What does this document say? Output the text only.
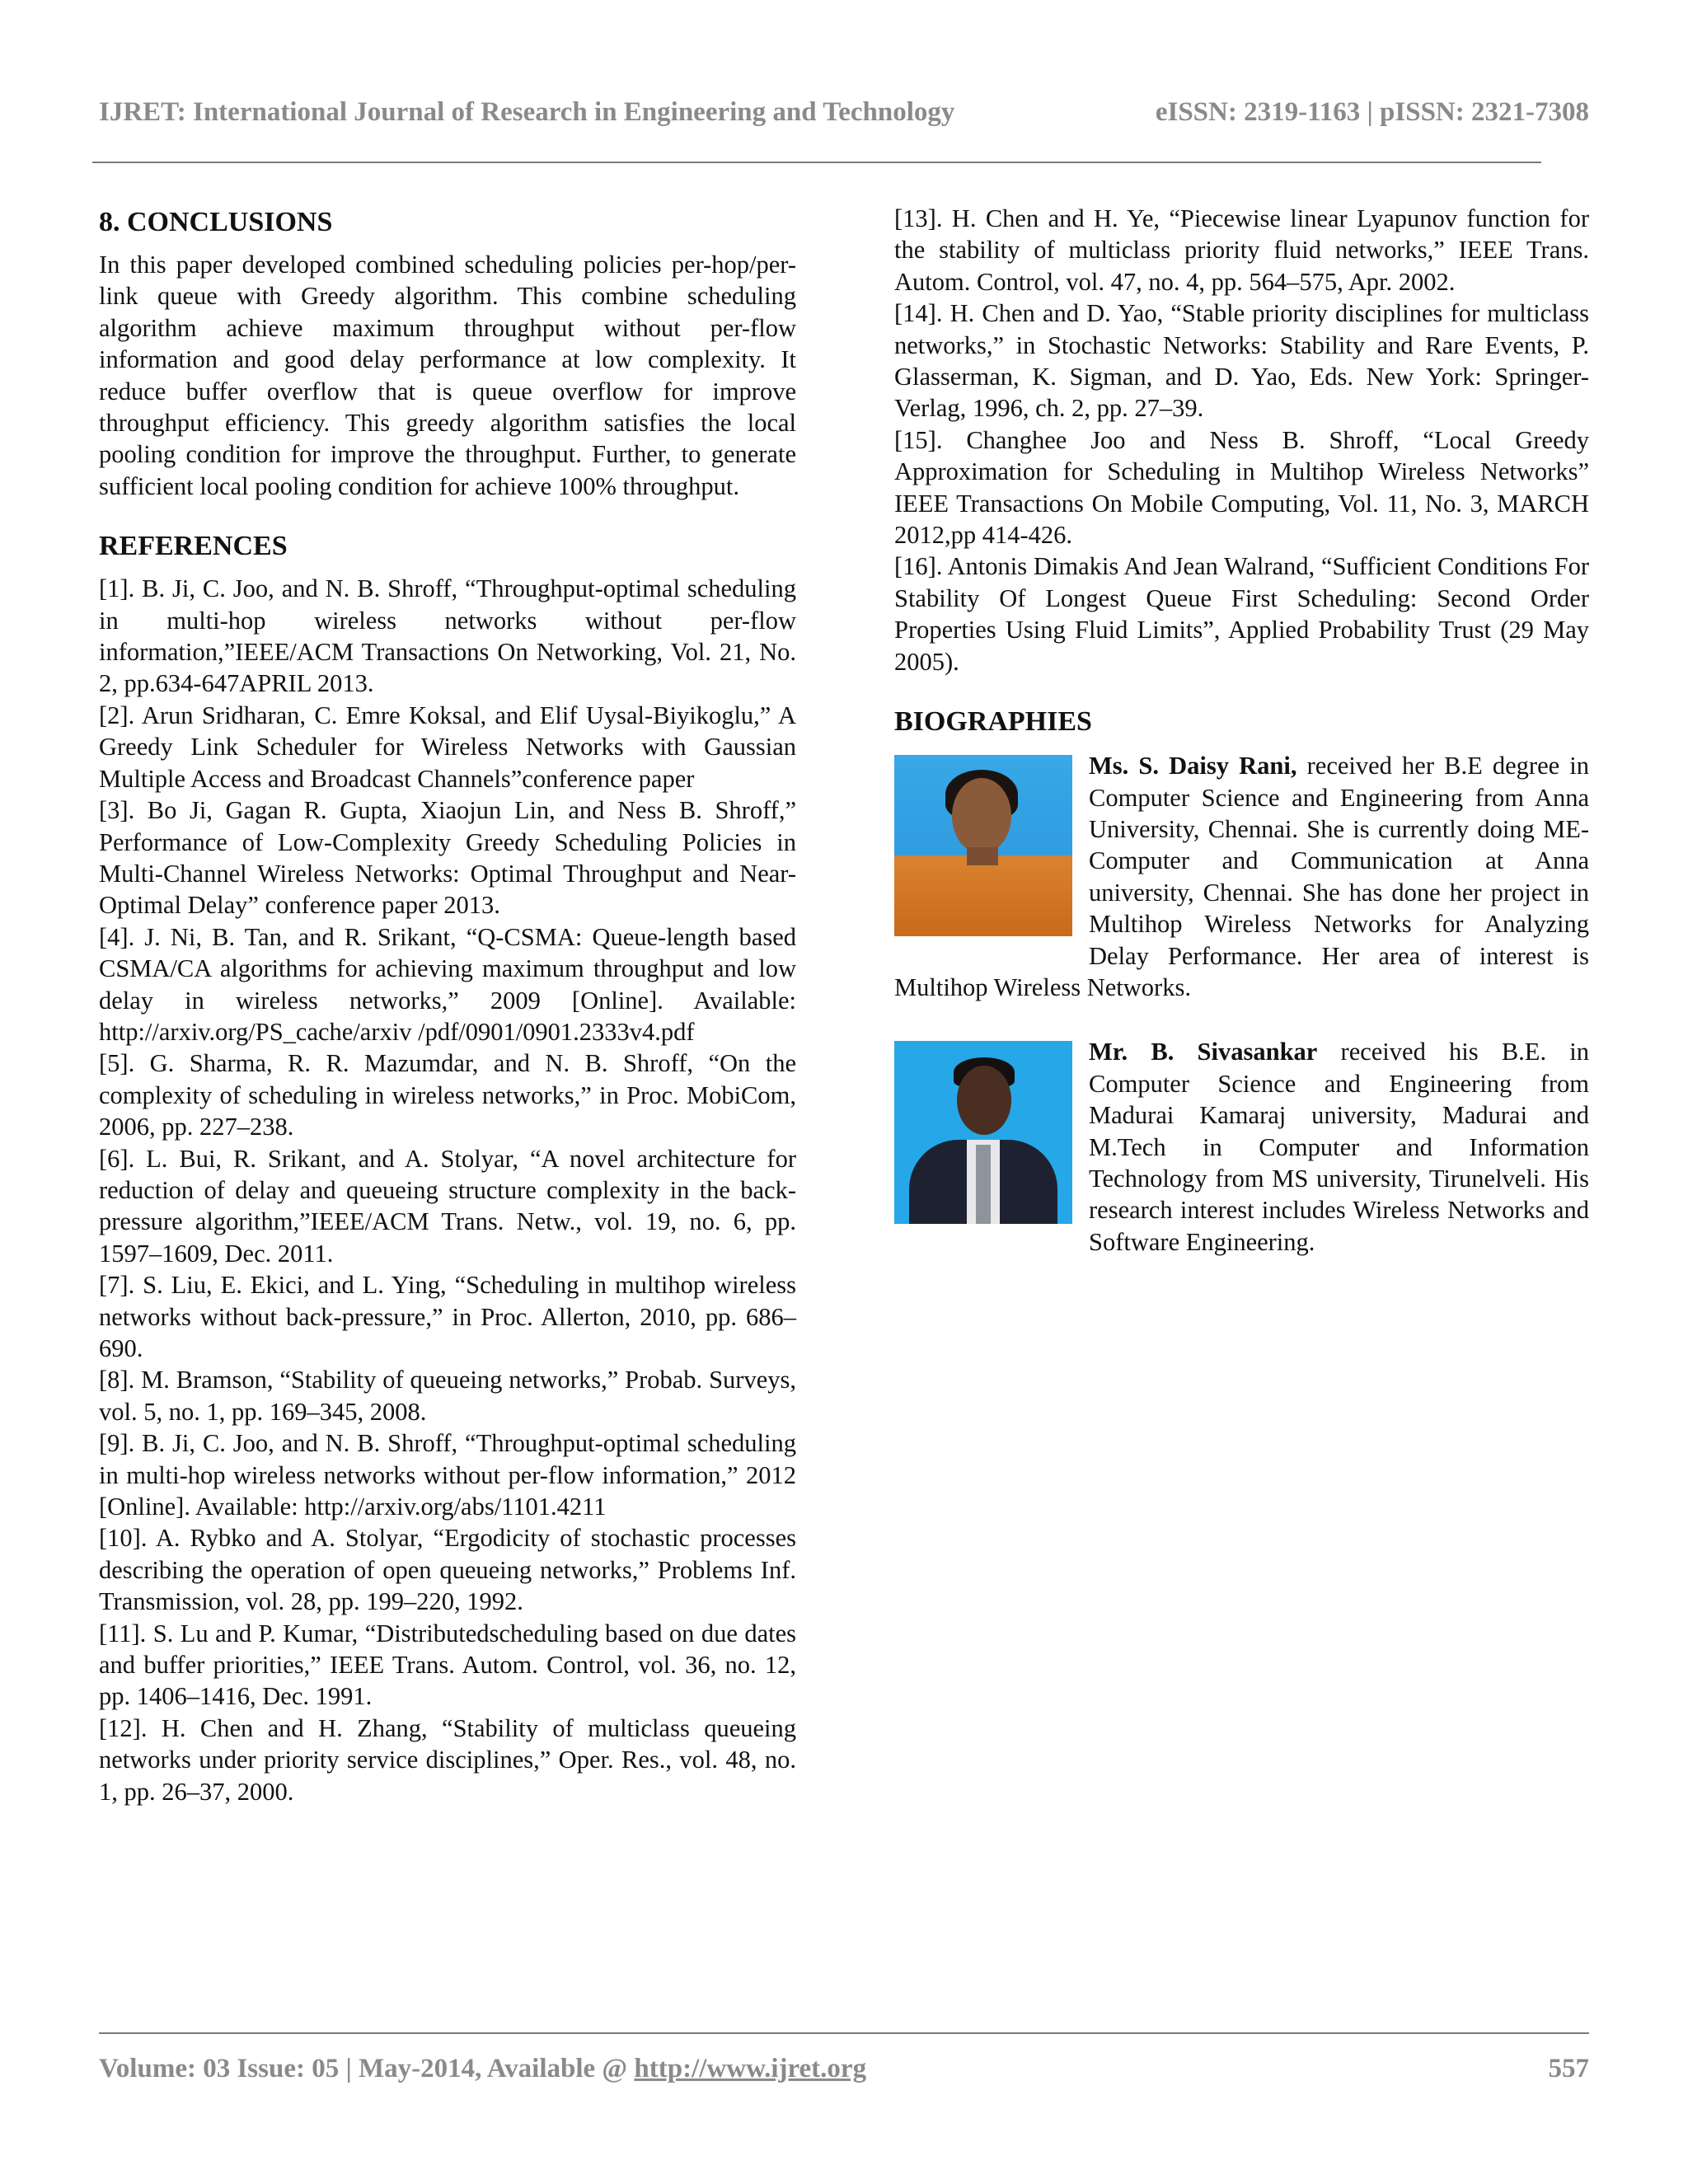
IJRET: International Journal of Research in Engineering and Technology	eISSN: 2319-1163 | pISSN: 2321-7308
8. CONCLUSIONS

In this paper developed combined scheduling policies per-hop/per-link queue with Greedy algorithm. This combine scheduling algorithm achieve maximum throughput without per-flow information and good delay performance at low complexity. It reduce buffer overflow that is queue overflow for improve throughput efficiency. This greedy algorithm satisfies the local pooling condition for improve the throughput. Further, to generate sufficient local pooling condition for achieve 100% throughput.

REFERENCES

[1]. B. Ji, C. Joo, and N. B. Shroff, “Throughput-optimal scheduling in multi-hop wireless networks without per-flow information,”IEEE/ACM Transactions On Networking, Vol. 21, No. 2, pp.634-647APRIL 2013.

[2]. Arun Sridharan, C. Emre Koksal, and Elif Uysal-Biyikoglu,” A Greedy Link Scheduler for Wireless Networks with Gaussian Multiple Access and Broadcast Channels”conference paper

[3]. Bo Ji, Gagan R. Gupta, Xiaojun Lin, and Ness B. Shroff,” Performance of Low-Complexity Greedy Scheduling Policies in Multi-Channel Wireless Networks: Optimal Throughput and Near-Optimal Delay” conference paper 2013.

[4]. J. Ni, B. Tan, and R. Srikant, “Q-CSMA: Queue-length based CSMA/CA algorithms for achieving maximum throughput and low delay in wireless networks,” 2009 [Online]. Available: http://arxiv.org/PS_cache/arxiv /pdf/0901/0901.2333v4.pdf

[5]. G. Sharma, R. R. Mazumdar, and N. B. Shroff, “On the complexity of scheduling in wireless networks,” in Proc. MobiCom, 2006, pp. 227–238.

[6]. L. Bui, R. Srikant, and A. Stolyar, “A novel architecture for reduction of delay and queueing structure complexity in the back-pressure algorithm,”IEEE/ACM Trans. Netw., vol. 19, no. 6, pp. 1597–1609, Dec. 2011.

[7]. S. Liu, E. Ekici, and L. Ying, “Scheduling in multihop wireless networks without back-pressure,” in Proc. Allerton, 2010, pp. 686–690.

[8]. M. Bramson, “Stability of queueing networks,” Probab. Surveys, vol. 5, no. 1, pp. 169–345, 2008.

[9]. B. Ji, C. Joo, and N. B. Shroff, “Throughput-optimal scheduling in multi-hop wireless networks without per-flow information,” 2012 [Online]. Available: http://arxiv.org/abs/1101.4211

[10]. A. Rybko and A. Stolyar, “Ergodicity of stochastic processes describing the operation of open queueing networks,” Problems Inf. Transmission, vol. 28, pp. 199–220, 1992.

[11]. S. Lu and P. Kumar, “Distributedscheduling based on due dates and buffer priorities,” IEEE Trans. Autom. Control, vol. 36, no. 12, pp. 1406–1416, Dec. 1991.

[12]. H. Chen and H. Zhang, “Stability of multiclass queueing networks under priority service disciplines,” Oper. Res., vol. 48, no. 1, pp. 26–37, 2000.

[13]. H. Chen and H. Ye, “Piecewise linear Lyapunov function for the stability of multiclass priority fluid networks,” IEEE Trans. Autom. Control, vol. 47, no. 4, pp. 564–575, Apr. 2002.

[14]. H. Chen and D. Yao, “Stable priority disciplines for multiclass networks,” in Stochastic Networks: Stability and Rare Events, P. Glasserman, K. Sigman, and D. Yao, Eds. New York: Springer-Verlag, 1996, ch. 2, pp. 27–39.

[15]. Changhee Joo and Ness B. Shroff, “Local Greedy Approximation for Scheduling in Multihop Wireless Networks” IEEE Transactions On Mobile Computing, Vol. 11, No. 3, MARCH 2012,pp 414-426.

[16]. Antonis Dimakis And Jean Walrand, “Sufficient Conditions For Stability Of Longest Queue First Scheduling: Second Order Properties Using Fluid Limits”, Applied Probability Trust (29 May 2005).

BIOGRAPHIES

Ms. S. Daisy Rani, received her B.E degree in Computer Science and Engineering from Anna University, Chennai. She is currently doing ME-Computer and Communication at Anna university, Chennai. She has done her project in Multihop Wireless Networks for Analyzing Delay Performance. Her area of interest is Multihop Wireless Networks.

Mr. B. Sivasankar received his B.E. in Computer Science and Engineering from Madurai Kamaraj university, Madurai and M.Tech in Computer and Information Technology from MS university, Tirunelveli. His research interest includes Wireless Networks and Software Engineering.

Volume: 03 Issue: 05 | May-2014, Available @ http://www.ijret.org	557
